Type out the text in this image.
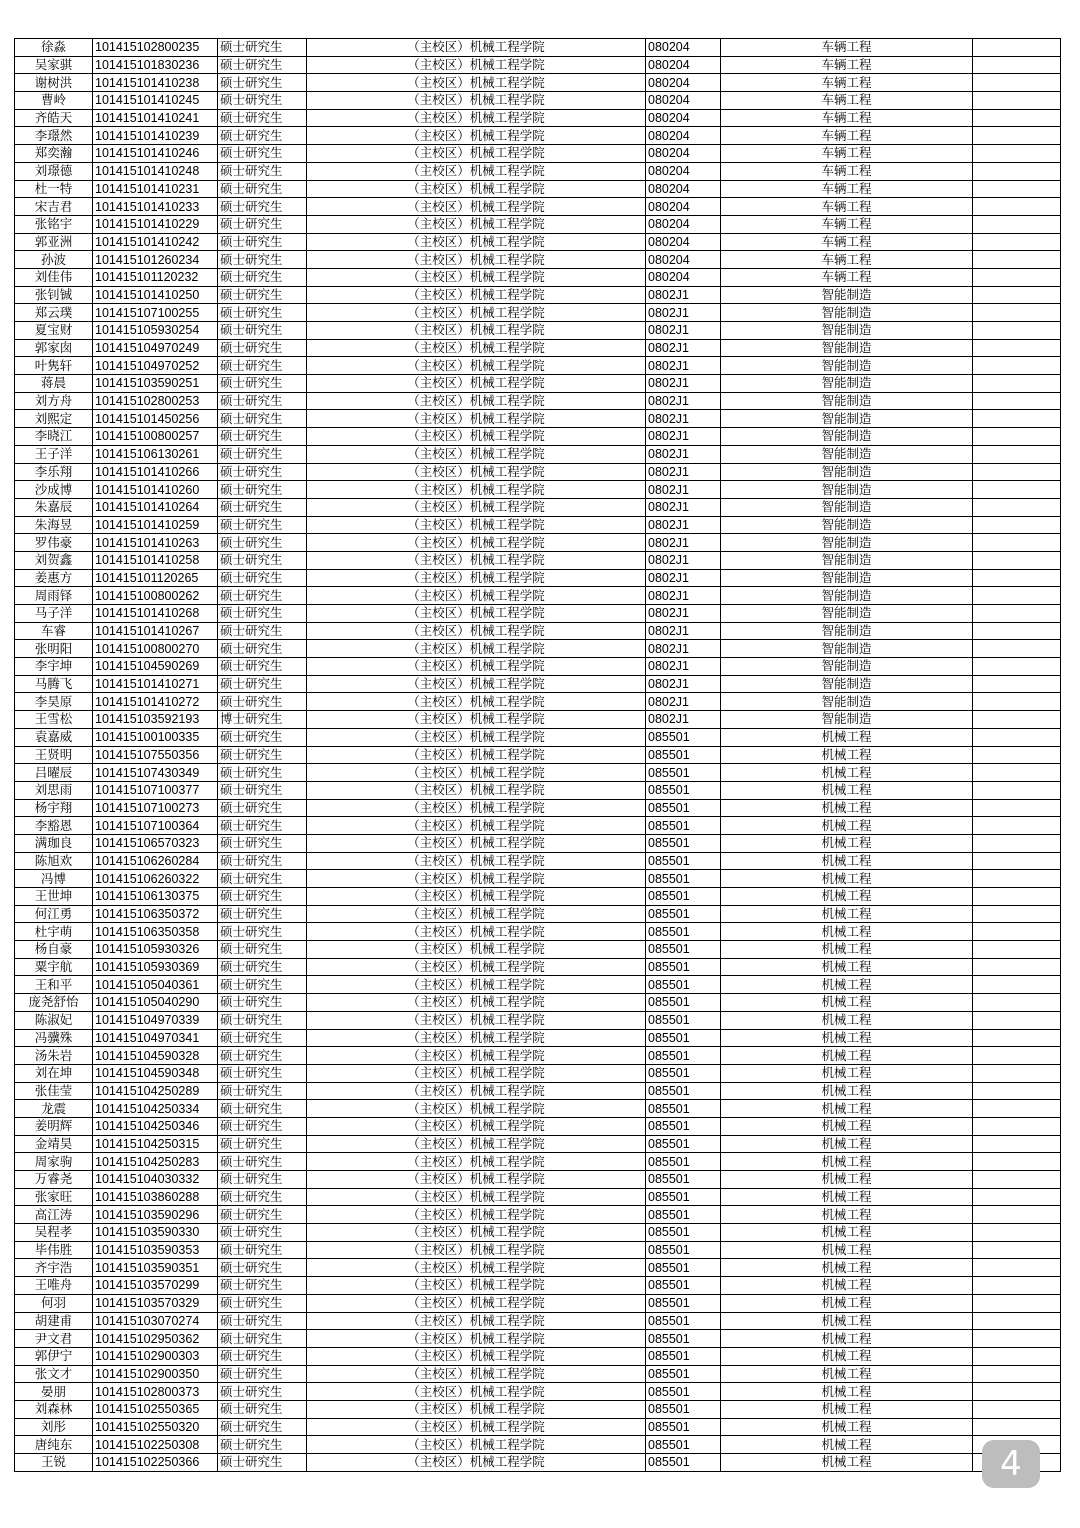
徐淼	101415102800235	硕士研究生	（主校区）机械工程学院	080204	车辆工程	
吴家骐	101415101830236	硕士研究生	（主校区）机械工程学院	080204	车辆工程	
谢树洪	101415101410238	硕士研究生	（主校区）机械工程学院	080204	车辆工程	
曹岭	101415101410245	硕士研究生	（主校区）机械工程学院	080204	车辆工程	
齐皓天	101415101410241	硕士研究生	（主校区）机械工程学院	080204	车辆工程	
李璟然	101415101410239	硕士研究生	（主校区）机械工程学院	080204	车辆工程	
郑奕瀚	101415101410246	硕士研究生	（主校区）机械工程学院	080204	车辆工程	
刘璟德	101415101410248	硕士研究生	（主校区）机械工程学院	080204	车辆工程	
杜一特	101415101410231	硕士研究生	（主校区）机械工程学院	080204	车辆工程	
宋吉君	101415101410233	硕士研究生	（主校区）机械工程学院	080204	车辆工程	
张铭宇	101415101410229	硕士研究生	（主校区）机械工程学院	080204	车辆工程	
郭亚洲	101415101410242	硕士研究生	（主校区）机械工程学院	080204	车辆工程	
孙波	101415101260234	硕士研究生	（主校区）机械工程学院	080204	车辆工程	
刘佳伟	101415101120232	硕士研究生	（主校区）机械工程学院	080204	车辆工程	
张钊铖	101415101410250	硕士研究生	（主校区）机械工程学院	0802J1	智能制造	
郑云璞	101415107100255	硕士研究生	（主校区）机械工程学院	0802J1	智能制造	
夏宝财	101415105930254	硕士研究生	（主校区）机械工程学院	0802J1	智能制造	
郭家囱	101415104970249	硕士研究生	（主校区）机械工程学院	0802J1	智能制造	
叶隽轩	101415104970252	硕士研究生	（主校区）机械工程学院	0802J1	智能制造	
蒋晨	101415103590251	硕士研究生	（主校区）机械工程学院	0802J1	智能制造	
刘方舟	101415102800253	硕士研究生	（主校区）机械工程学院	0802J1	智能制造	
刘熙定	101415101450256	硕士研究生	（主校区）机械工程学院	0802J1	智能制造	
李晓江	101415100800257	硕士研究生	（主校区）机械工程学院	0802J1	智能制造	
王子洋	101415106130261	硕士研究生	（主校区）机械工程学院	0802J1	智能制造	
李乐翔	101415101410266	硕士研究生	（主校区）机械工程学院	0802J1	智能制造	
沙成博	101415101410260	硕士研究生	（主校区）机械工程学院	0802J1	智能制造	
朱嘉辰	101415101410264	硕士研究生	（主校区）机械工程学院	0802J1	智能制造	
朱海昱	101415101410259	硕士研究生	（主校区）机械工程学院	0802J1	智能制造	
罗伟豪	101415101410263	硕士研究生	（主校区）机械工程学院	0802J1	智能制造	
刘贺鑫	101415101410258	硕士研究生	（主校区）机械工程学院	0802J1	智能制造	
姜惠方	101415101120265	硕士研究生	（主校区）机械工程学院	0802J1	智能制造	
周雨铎	101415100800262	硕士研究生	（主校区）机械工程学院	0802J1	智能制造	
马子洋	101415101410268	硕士研究生	（主校区）机械工程学院	0802J1	智能制造	
车睿	101415101410267	硕士研究生	（主校区）机械工程学院	0802J1	智能制造	
张明阳	101415100800270	硕士研究生	（主校区）机械工程学院	0802J1	智能制造	
李宇坤	101415104590269	硕士研究生	（主校区）机械工程学院	0802J1	智能制造	
马腾飞	101415101410271	硕士研究生	（主校区）机械工程学院	0802J1	智能制造	
李昊原	101415101410272	硕士研究生	（主校区）机械工程学院	0802J1	智能制造	
王雪松	101415103592193	博士研究生	（主校区）机械工程学院	0802J1	智能制造	
袁嘉威	101415100100335	硕士研究生	（主校区）机械工程学院	085501	机械工程	
王贤明	101415107550356	硕士研究生	（主校区）机械工程学院	085501	机械工程	
吕曜辰	101415107430349	硕士研究生	（主校区）机械工程学院	085501	机械工程	
刘思雨	101415107100377	硕士研究生	（主校区）机械工程学院	085501	机械工程	
杨宇翔	101415107100273	硕士研究生	（主校区）机械工程学院	085501	机械工程	
李豁恩	101415107100364	硕士研究生	（主校区）机械工程学院	085501	机械工程	
满珈良	101415106570323	硕士研究生	（主校区）机械工程学院	085501	机械工程	
陈旭欢	101415106260284	硕士研究生	（主校区）机械工程学院	085501	机械工程	
冯博	101415106260322	硕士研究生	（主校区）机械工程学院	085501	机械工程	
王世坤	101415106130375	硕士研究生	（主校区）机械工程学院	085501	机械工程	
何江勇	101415106350372	硕士研究生	（主校区）机械工程学院	085501	机械工程	
杜宇萌	101415106350358	硕士研究生	（主校区）机械工程学院	085501	机械工程	
杨自豪	101415105930326	硕士研究生	（主校区）机械工程学院	085501	机械工程	
粟宇航	101415105930369	硕士研究生	（主校区）机械工程学院	085501	机械工程	
王和平	101415105040361	硕士研究生	（主校区）机械工程学院	085501	机械工程	
庞尧舒怡	101415105040290	硕士研究生	（主校区）机械工程学院	085501	机械工程	
陈淑妃	101415104970339	硕士研究生	（主校区）机械工程学院	085501	机械工程	
冯骥殊	101415104970341	硕士研究生	（主校区）机械工程学院	085501	机械工程	
汤朱岩	101415104590328	硕士研究生	（主校区）机械工程学院	085501	机械工程	
刘在坤	101415104590348	硕士研究生	（主校区）机械工程学院	085501	机械工程	
张佳莹	101415104250289	硕士研究生	（主校区）机械工程学院	085501	机械工程	
龙震	101415104250334	硕士研究生	（主校区）机械工程学院	085501	机械工程	
姜明辉	101415104250346	硕士研究生	（主校区）机械工程学院	085501	机械工程	
金靖昊	101415104250315	硕士研究生	（主校区）机械工程学院	085501	机械工程	
周家驹	101415104250283	硕士研究生	（主校区）机械工程学院	085501	机械工程	
万睿尧	101415104030332	硕士研究生	（主校区）机械工程学院	085501	机械工程	
张家旺	101415103860288	硕士研究生	（主校区）机械工程学院	085501	机械工程	
高江涛	101415103590296	硕士研究生	（主校区）机械工程学院	085501	机械工程	
吴程孝	101415103590330	硕士研究生	（主校区）机械工程学院	085501	机械工程	
毕伟胜	101415103590353	硕士研究生	（主校区）机械工程学院	085501	机械工程	
齐宇浩	101415103590351	硕士研究生	（主校区）机械工程学院	085501	机械工程	
王唯舟	101415103570299	硕士研究生	（主校区）机械工程学院	085501	机械工程	
何羽	101415103570329	硕士研究生	（主校区）机械工程学院	085501	机械工程	
胡建甫	101415103070274	硕士研究生	（主校区）机械工程学院	085501	机械工程	
尹文君	101415102950362	硕士研究生	（主校区）机械工程学院	085501	机械工程	
郭伊宁	101415102900303	硕士研究生	（主校区）机械工程学院	085501	机械工程	
张文才	101415102900350	硕士研究生	（主校区）机械工程学院	085501	机械工程	
晏朋	101415102800373	硕士研究生	（主校区）机械工程学院	085501	机械工程	
刘森林	101415102550365	硕士研究生	（主校区）机械工程学院	085501	机械工程	
刘彤	101415102550320	硕士研究生	（主校区）机械工程学院	085501	机械工程	
唐纯东	101415102250308	硕士研究生	（主校区）机械工程学院	085501	机械工程	
王锐	101415102250366	硕士研究生	（主校区）机械工程学院	085501	机械工程		4
